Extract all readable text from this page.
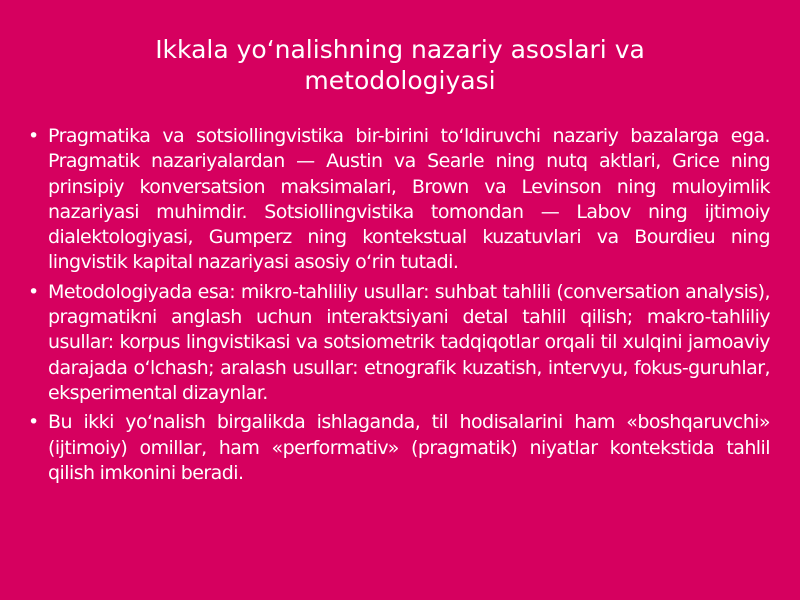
Ikkala yo‘nalishning nazariy asoslari va metodologiyasi
• Pragmatika va sotsiollingvistika bir-birini to‘ldiruvchi nazariy bazalarga ega. Pragmatik nazariyalardan — Austin va Searle ning nutq aktlari, Grice ning prinsipiy konversatsion maksimalari, Brown va Levinson ning muloyimlik nazariyasi muhimdir. Sotsiollingvistika tomondan — Labov ning ijtimoiy dialektologiyasi, Gumperz ning kontekstual kuzatuvlari va Bourdieu ning lingvistik kapital nazariyasi asosiy o‘rin tutadi.
• Metodologiyada esa: mikro-tahliliy usullar: suhbat tahlili (conversation analysis), pragmatikni anglash uchun interaktsiyani detal tahlil qilish; makro-tahliliy usullar: korpus lingvistikasi va sotsiometrik tadqiqotlar orqali til xulqini jamoaviy darajada o‘lchash; aralash usullar: etnografik kuzatish, intervyu, fokus-guruhlar, eksperimental dizaynlar.
• Bu ikki yo‘nalish birgalikda ishlaganda, til hodisalarini ham «boshqaruvchi» (ijtimoiy) omillar, ham «performativ» (pragmatik) niyatlar kontekstida tahlil qilish imkonini beradi.
